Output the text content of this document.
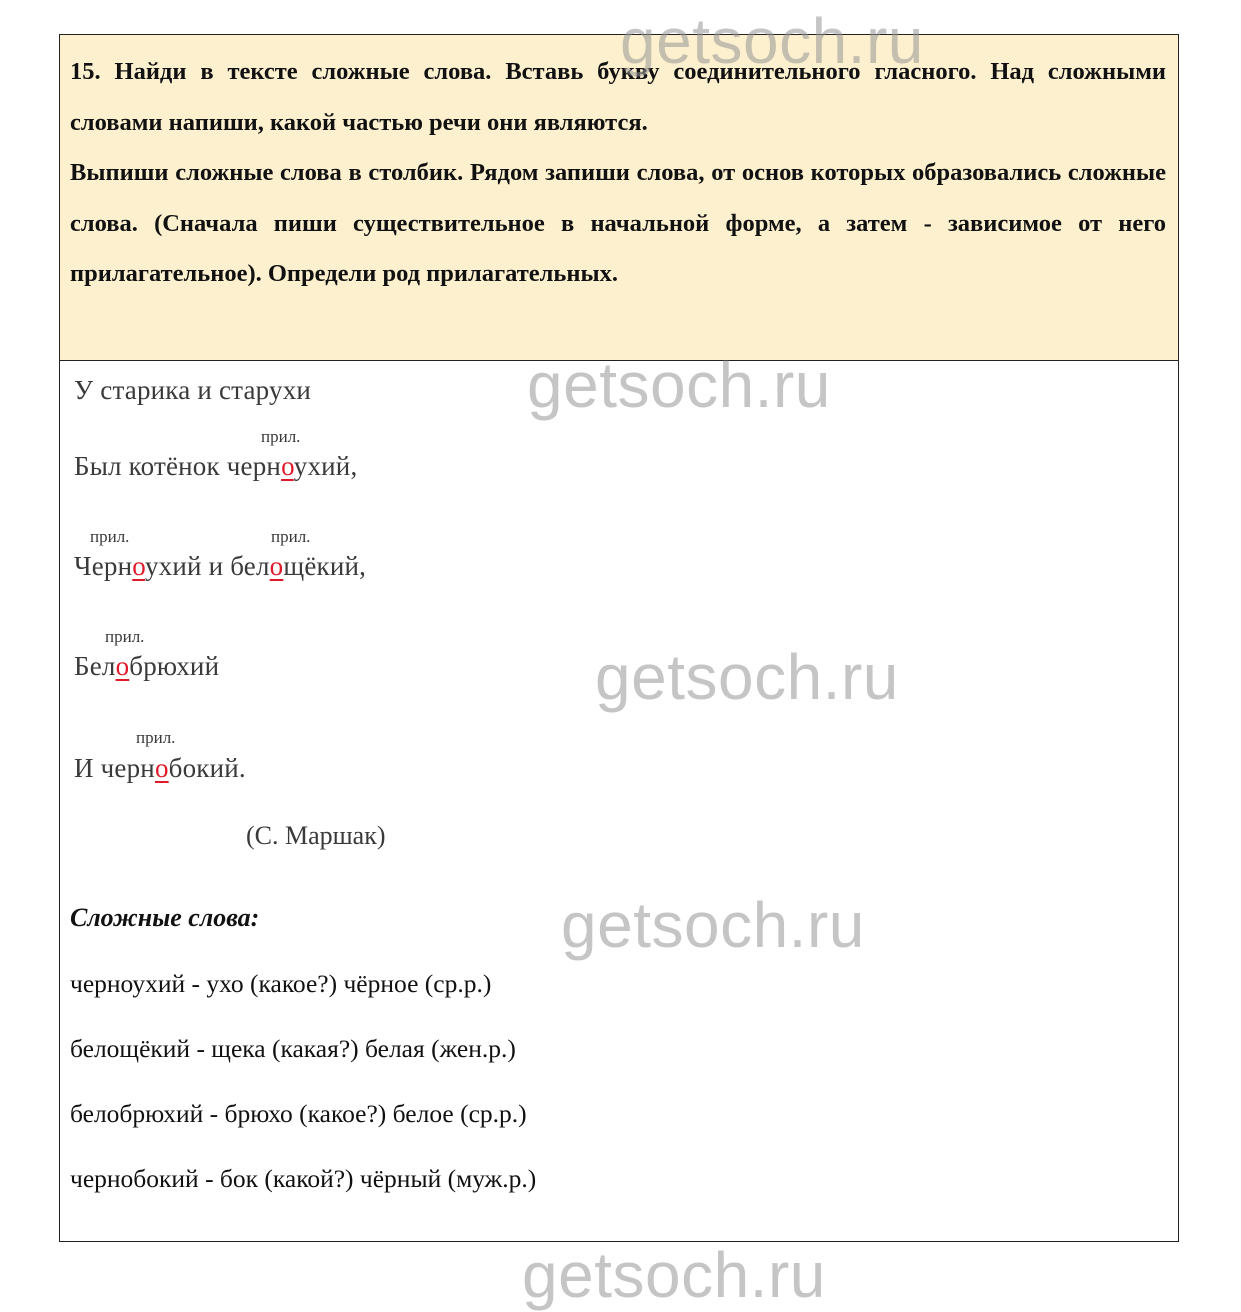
15. Найди в тексте сложные слова. Вставь букву соединительного гласного. Над сложными словами напиши, какой частью речи они являются.

Выпиши сложные слова в столбик. Рядом запиши слова, от основ которых образовались сложные слова. (Сначала пиши существительное в начальной форме, а затем - зависимое от него прилагательное). Определи род прилагательных.

У старика и старухи
прил.
Был котёнок черноухий,
прил.	прил.
Черноухий и белощёкий,
прил.
Белобрюхий
прил.
И чернобокий.
(С. Маршак)
Сложные слова:
черноухий - ухо (какое?) чёрное (ср.р.)
белощёкий - щека (какая?) белая (жен.р.)
белобрюхий - брюхо (какое?) белое (ср.р.)
чернобокий - бок (какой?) чёрный (муж.р.)
getsoch.ru
getsoch.ru
getsoch.ru
getsoch.ru
getsoch.ru
